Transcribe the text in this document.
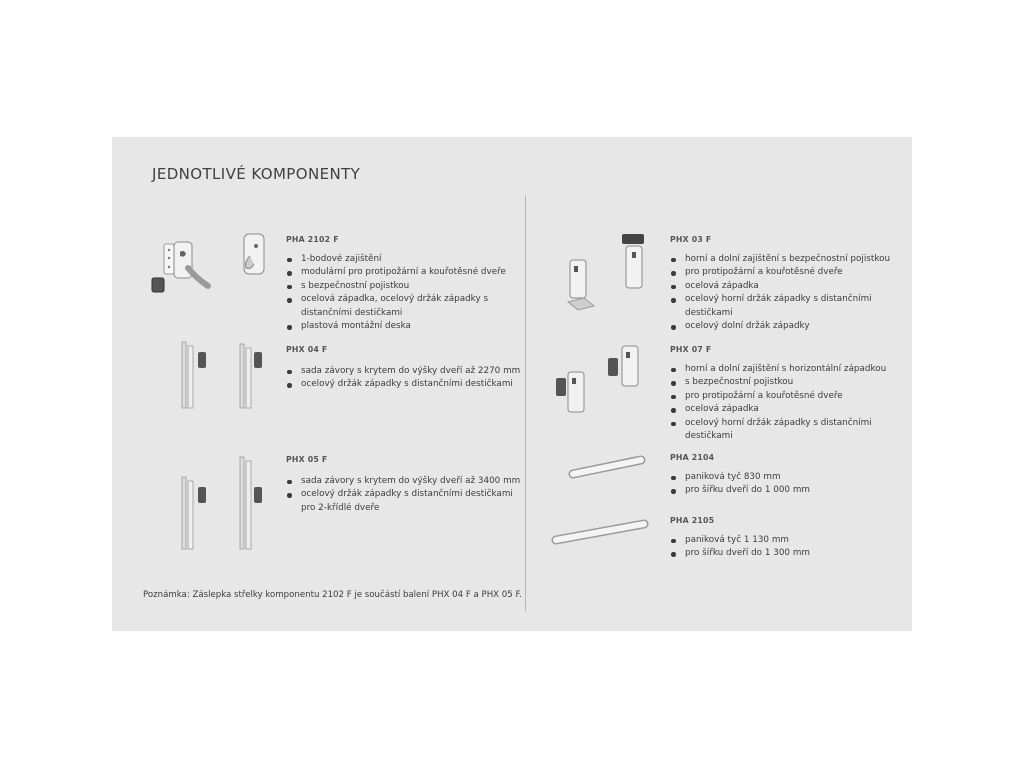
JEDNOTLIVÉ KOMPONENTY
PHA 2102 F
1-bodové zajištění
modulární pro protipožární a kouřotěsné dveře
s bezpečnostní pojistkou
ocelová západka, ocelový držák západky s distančními destičkami
plastová montážní deska
PHX 04 F
sada závory s krytem do výšky dveří až 2270 mm
ocelový držák západky s distančními destičkami
PHX 05 F
sada závory s krytem do výšky dveří až 3400 mm
ocelový držák západky s distančními destičkami pro 2-křídlé dveře
PHX 03 F
horní a dolní zajištění s bezpečnostní pojistkou
pro protipožární a kouřotěsné dveře
ocelová západka
ocelový horní držák západky s distančními destičkami
ocelový dolní držák západky
PHX 07 F
horní a dolní zajištění s horizontální západkou
s bezpečnostní pojistkou
pro protipožární a kouřotěsné dveře
ocelová západka
ocelový horní držák západky s distančními destičkami
PHA 2104
paniková tyč 830 mm
pro šířku dveří do 1 000 mm
PHA 2105
paniková tyč 1 130 mm
pro šířku dveří do 1 300 mm
Poznámka: Záslepka střelky komponentu 2102 F je součástí balení PHX 04 F a PHX 05 F.
